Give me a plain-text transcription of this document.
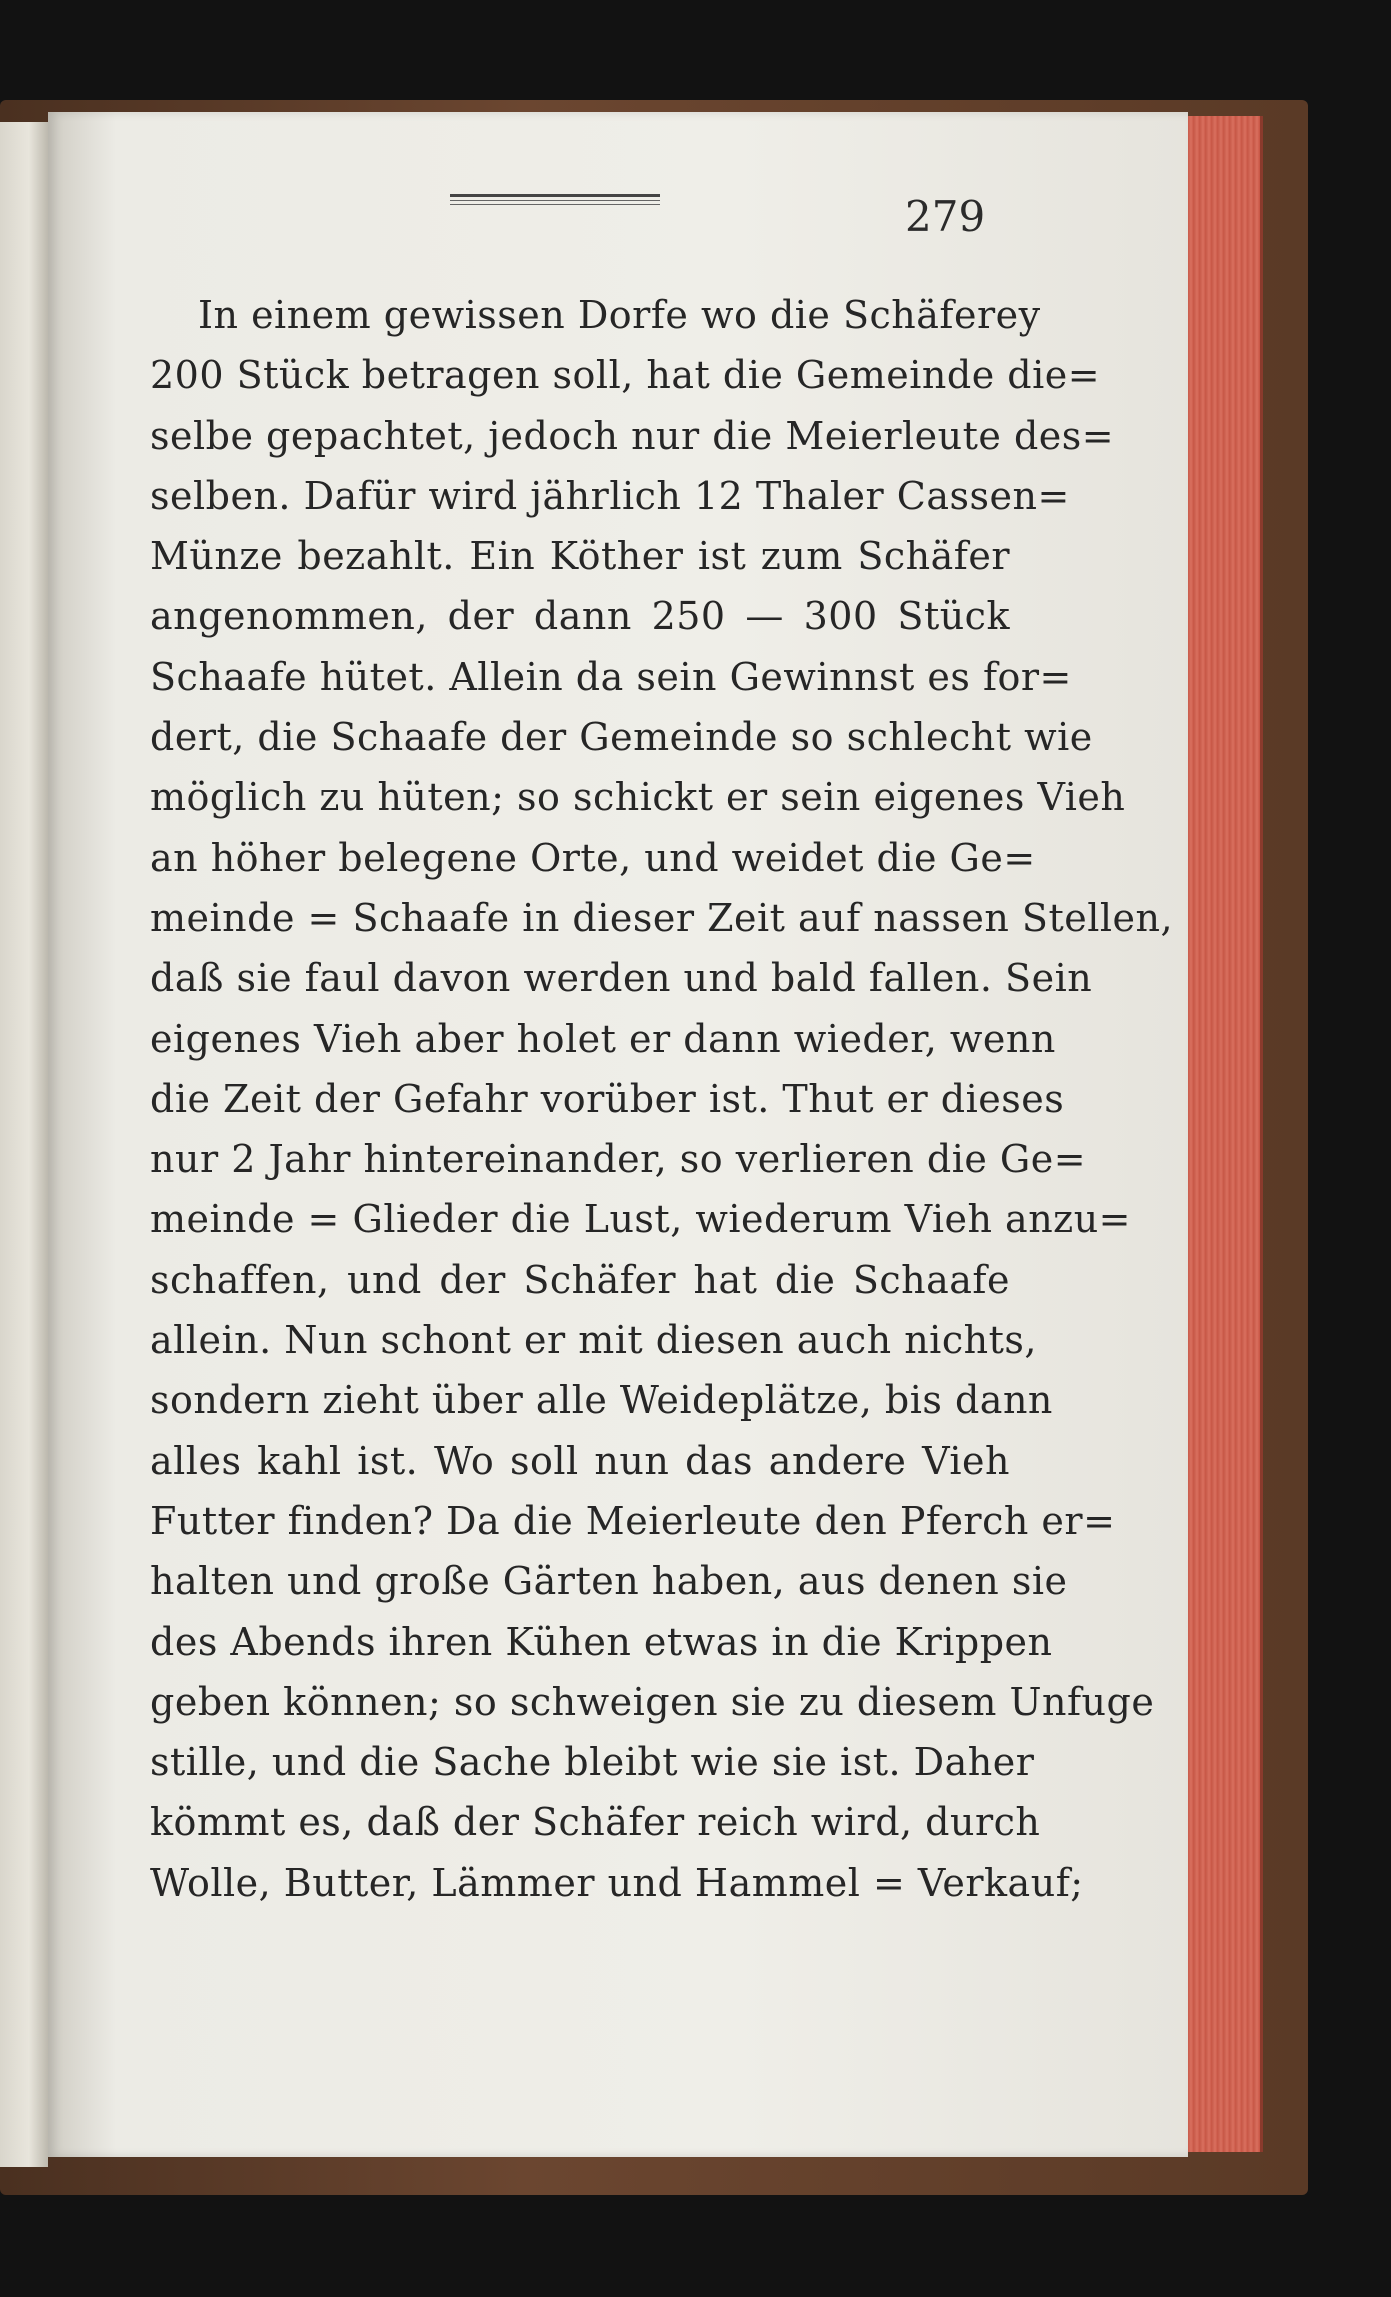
279
In einem gewissen Dorfe wo die Schäferey
200 Stück betragen soll, hat die Gemeinde die=
selbe gepachtet, jedoch nur die Meierleute des=
selben. Dafür wird jährlich 12 Thaler Cassen=
Münze bezahlt. Ein Köther ist zum Schäfer
angenommen, der dann 250 — 300 Stück
Schaafe hütet. Allein da sein Gewinnst es for=
dert, die Schaafe der Gemeinde so schlecht wie
möglich zu hüten; so schickt er sein eigenes Vieh
an höher belegene Orte, und weidet die Ge=
meinde = Schaafe in dieser Zeit auf nassen Stellen,
daß sie faul davon werden und bald fallen. Sein
eigenes Vieh aber holet er dann wieder, wenn
die Zeit der Gefahr vorüber ist. Thut er dieses
nur 2 Jahr hintereinander, so verlieren die Ge=
meinde = Glieder die Lust, wiederum Vieh anzu=
schaffen, und der Schäfer hat die Schaafe
allein. Nun schont er mit diesen auch nichts,
sondern zieht über alle Weideplätze, bis dann
alles kahl ist. Wo soll nun das andere Vieh
Futter finden? Da die Meierleute den Pferch er=
halten und große Gärten haben, aus denen sie
des Abends ihren Kühen etwas in die Krippen
geben können; so schweigen sie zu diesem Unfuge
stille, und die Sache bleibt wie sie ist. Daher
kömmt es, daß der Schäfer reich wird, durch
Wolle, Butter, Lämmer und Hammel = Verkauf;
